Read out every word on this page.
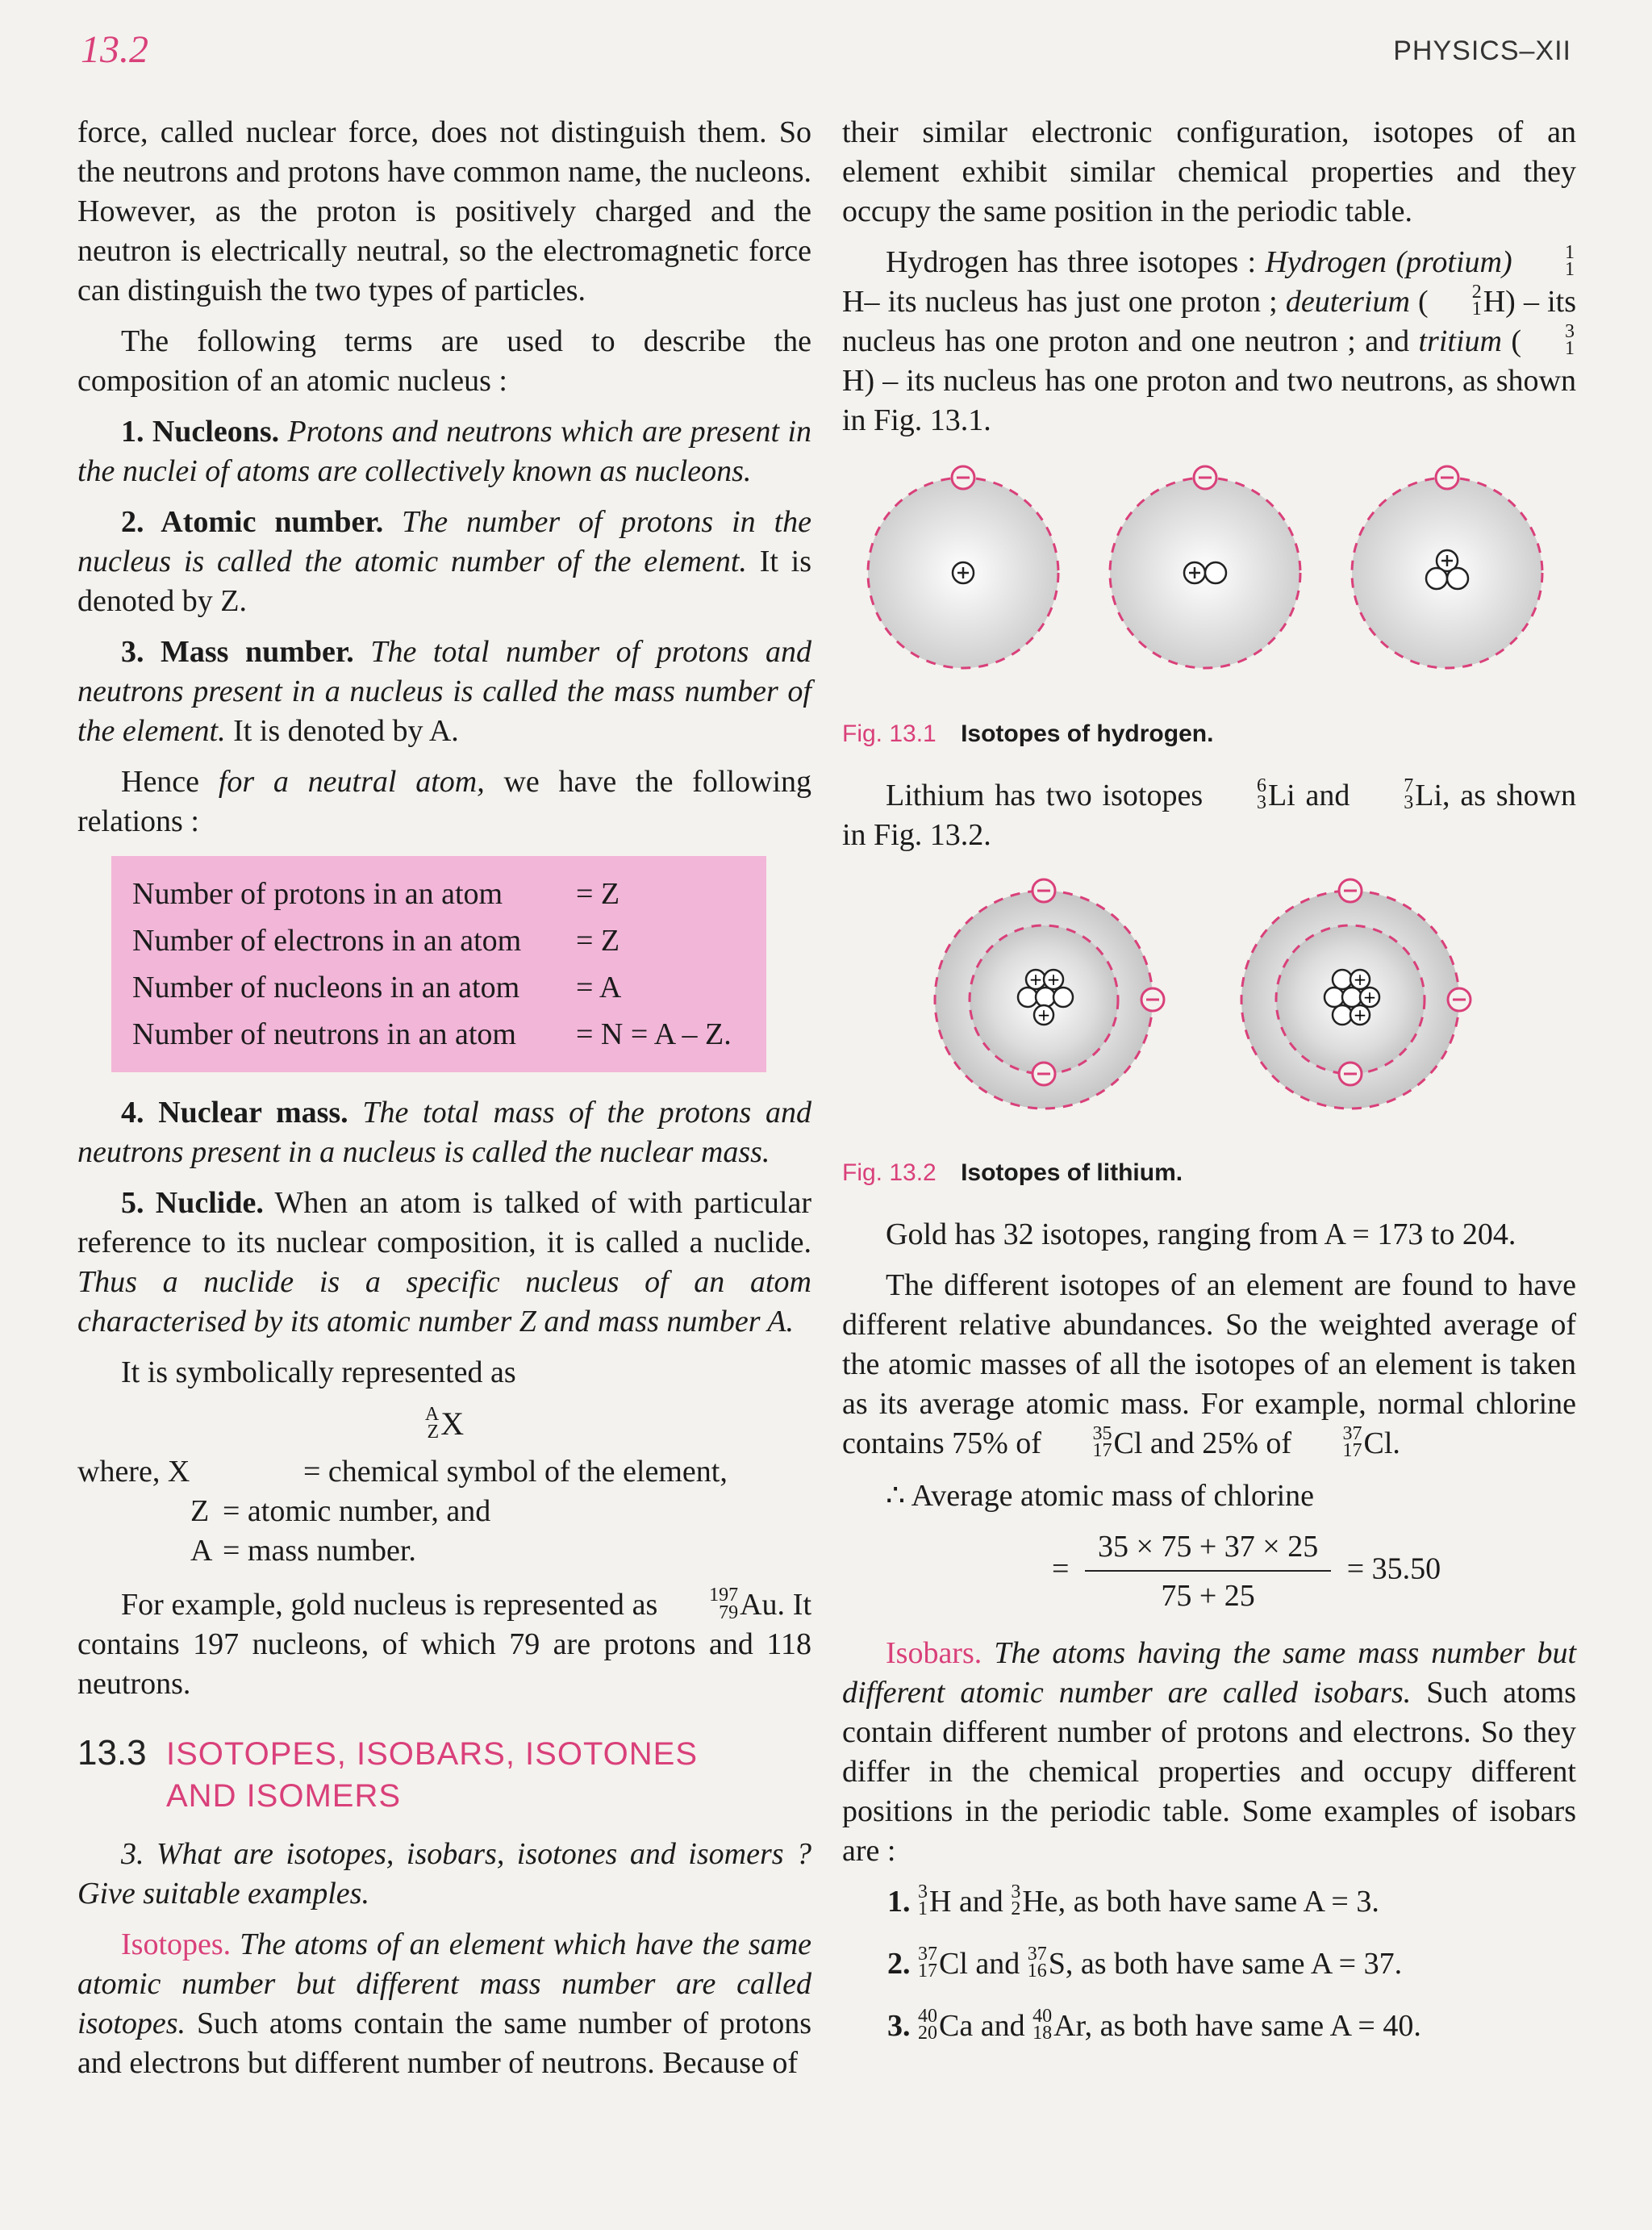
13.2	PHYSICS–XII

force, called nuclear force, does not distinguish them. So the neutrons and protons have common name, the nucleons. However, as the proton is positively charged and the neutron is electrically neutral, so the electromagnetic force can distinguish the two types of particles.

The following terms are used to describe the composition of an atomic nucleus :

1. Nucleons. Protons and neutrons which are present in the nuclei of atoms are collectively known as nucleons.

2. Atomic number. The number of protons in the nucleus is called the atomic number of the element. It is denoted by Z.

3. Mass number. The total number of protons and neutrons present in a nucleus is called the mass number of the element. It is denoted by A.

Hence for a neutral atom, we have the following relations :

Number of protons in an atom	= Z
Number of electrons in an atom	= Z
Number of nucleons in an atom	= A
Number of neutrons in an atom	= N = A – Z.

4. Nuclear mass. The total mass of the protons and neutrons present in a nucleus is called the nuclear mass.

5. Nuclide. When an atom is talked of with particular reference to its nuclear composition, it is called a nuclide. Thus a nuclide is a specific nucleus of an atom characterised by its atomic number Z and mass number A.

It is symbolically represented as

A
Z X
where, X	= chemical symbol of the element,
Z = atomic number, and
A = mass number.

For example, gold nucleus is represented as	197
79 Au. It contains 197 nucleons, of which 79 are protons and 118 neutrons.

13.3 ISOTOPES, ISOBARS, ISOTONES
AND ISOMERS

3. What are isotopes, isobars, isotones and isomers ? Give suitable examples.

Isotopes. The atoms of an element which have the same atomic number but different mass number are called isotopes. Such atoms contain the same number of protons and electrons but different number of neutrons. Because of

their similar electronic configuration, isotopes of an element exhibit similar chemical properties and they occupy the same position in the periodic table.

Hydrogen has three isotopes : Hydrogen (protium)	1
1
H– its nucleus has just one proton ; deuterium (	2
1 H) – its nucleus has one proton and one neutron ; and tritium (	3
1
H) – its nucleus has one proton and two neutrons, as shown in Fig. 13.1.

Fig. 13.1 Isotopes of hydrogen.

Lithium has two isotopes	6
3 Li and	7
3 Li, as shown in Fig. 13.2.

+ +
+
+
+
+
Fig. 13.2 Isotopes of lithium.

Gold has 32 isotopes, ranging from A = 173 to 204.

The different isotopes of an element are found to have different relative abundances. So the weighted average of the atomic masses of all the isotopes of an element is taken as its average atomic mass. For example, normal chlorine contains 75% of	35
17 Cl and 25% of	37
17 Cl.

∴ Average atomic mass of chlorine

= $\frac{35 \times 75 + 37 \times 25}{75 + 25} = 35.50$

Isobars. The atoms having the same mass number but different atomic number are called isobars. Such atoms contain different number of protons and electrons. So they differ in the chemical properties and occupy different positions in the periodic table. Some examples of isobars are :

1. 3
1 H and 3
2 He, as both have same A = 3.
2. 37
17 Cl and 37
16 S, as both have same A = 37.
3. 40
20 Ca and 40
18 Ar, as both have same A = 40.
